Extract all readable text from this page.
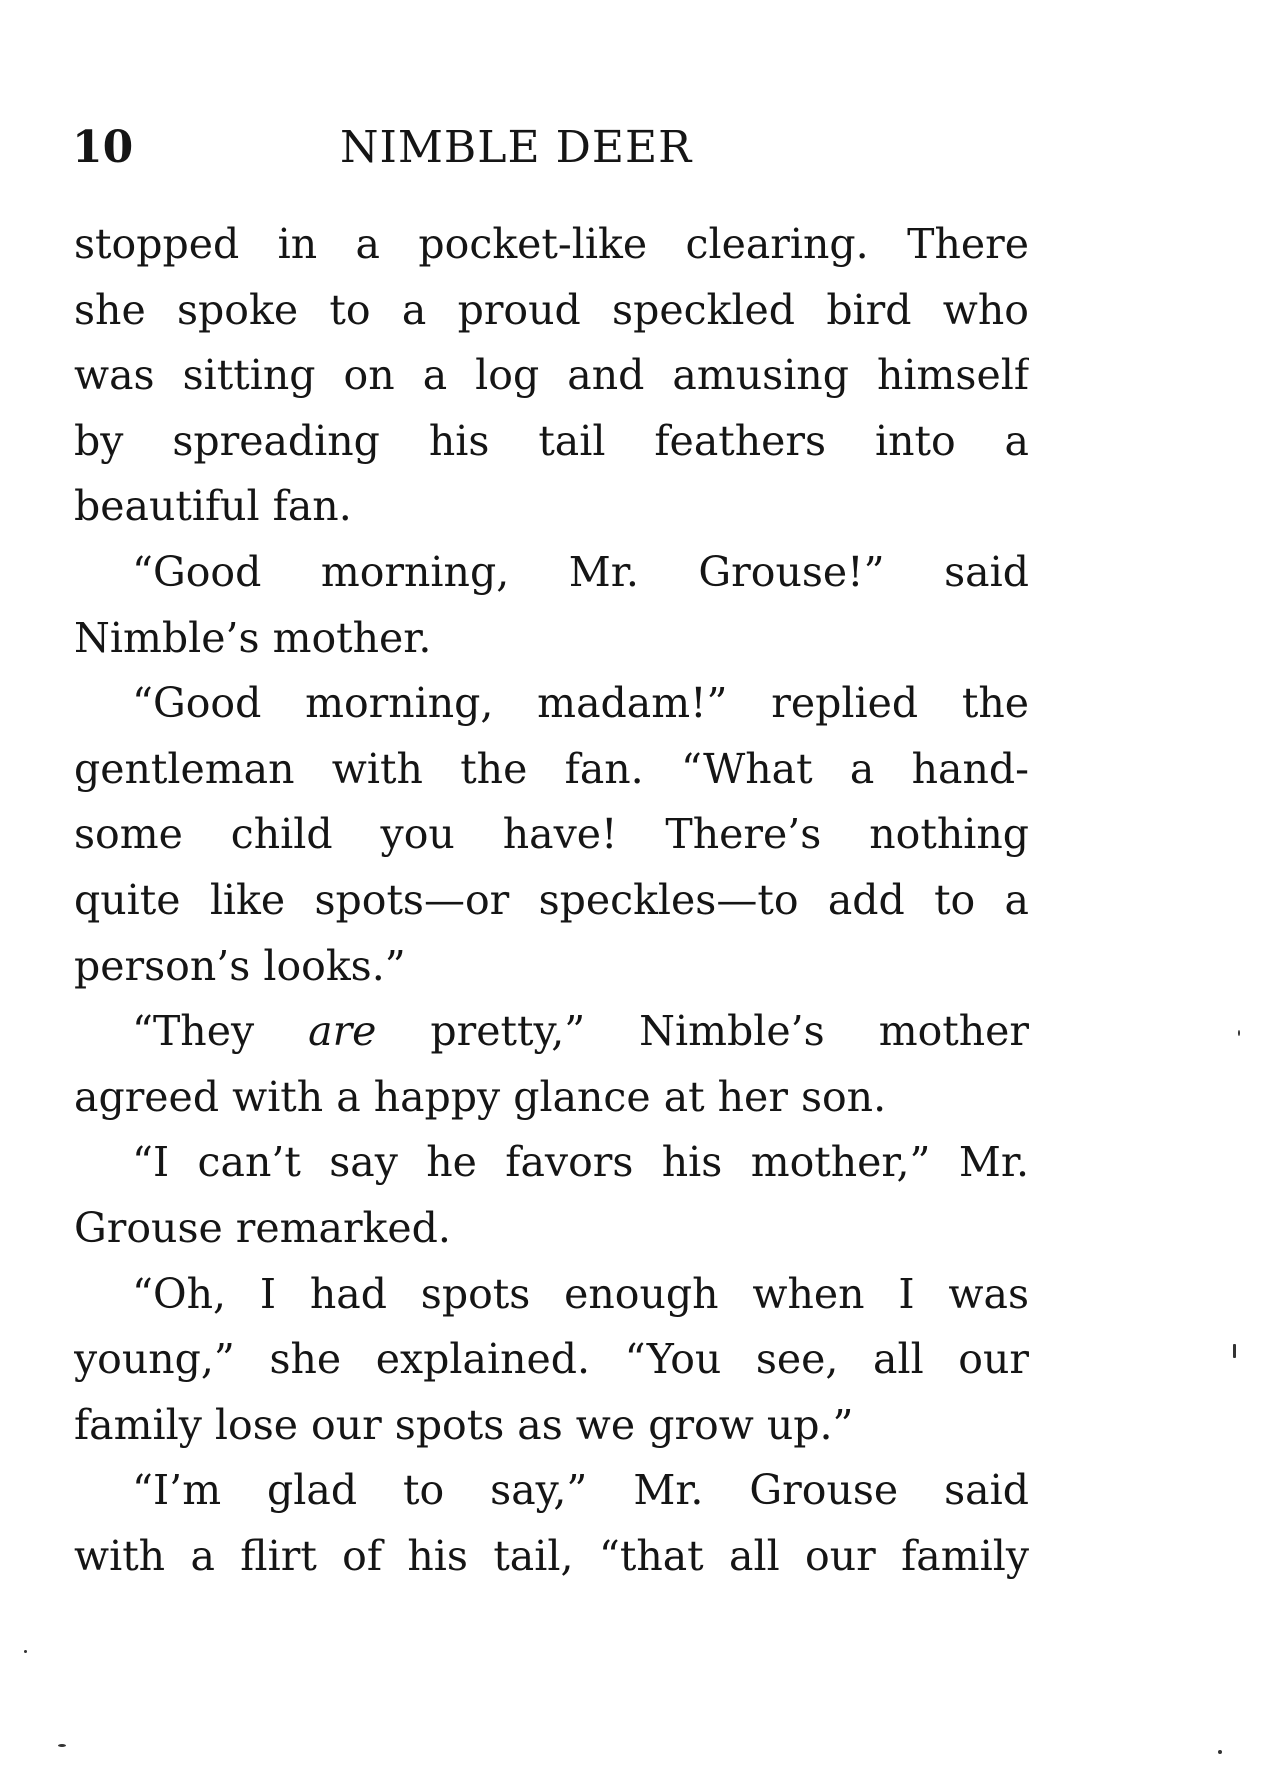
10	NIMBLE DEER
stopped in a pocket-like clearing. There
she spoke to a proud speckled bird who
was sitting on a log and amusing himself
by spreading his tail feathers into a
beautiful fan.
“Good morning, Mr. Grouse!” said
Nimble’s mother.
“Good morning, madam!” replied the
gentleman with the fan. “What a hand-
some child you have! There’s nothing
quite like spots—or speckles—to add to a
person’s looks.”
“They are pretty,” Nimble’s mother
agreed with a happy glance at her son.
“I can’t say he favors his mother,” Mr.
Grouse remarked.
“Oh, I had spots enough when I was
young,” she explained. “You see, all our
family lose our spots as we grow up.”
“I’m glad to say,” Mr. Grouse said
with a flirt of his tail, “that all our family
